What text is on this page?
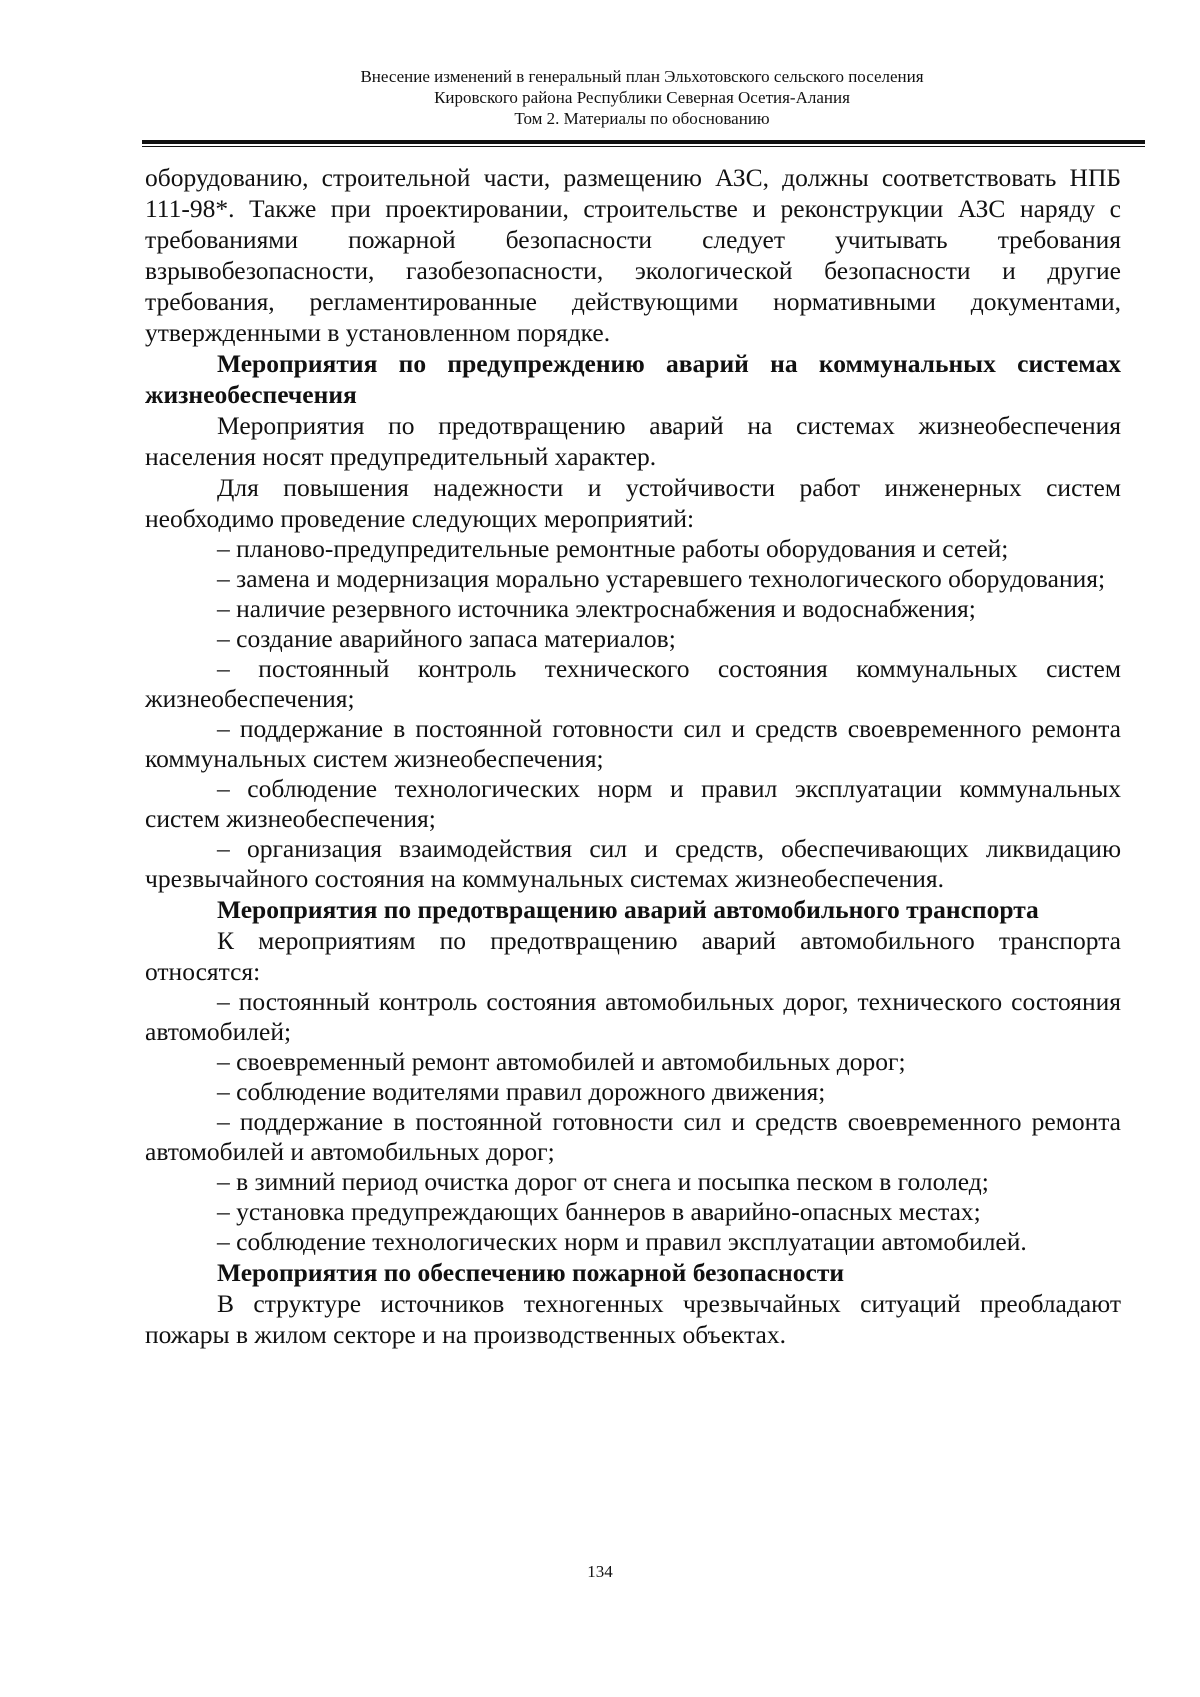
Внесение изменений в генеральный план Эльхотовского сельского поселения
Кировского района Республики Северная Осетия-Алания
Том 2. Материалы по обоснованию

оборудованию, строительной части, размещению АЗС, должны соответствовать НПБ 111-98*. Также при проектировании, строительстве и реконструкции АЗС наряду с требованиями пожарной безопасности следует учитывать требования взрывобезопасности, газобезопасности, экологической безопасности и другие требования, регламентированные действующими нормативными документами, утвержденными в установленном порядке.

Мероприятия по предупреждению аварий на коммунальных системах жизнеобеспечения

Мероприятия по предотвращению аварий на системах жизнеобеспечения населения носят предупредительный характер.

Для повышения надежности и устойчивости работ инженерных систем необходимо проведение следующих мероприятий:

– планово-предупредительные ремонтные работы оборудования и сетей;

– замена и модернизация морально устаревшего технологического оборудования;

– наличие резервного источника электроснабжения и водоснабжения;

– создание аварийного запаса материалов;

– постоянный контроль технического состояния коммунальных систем жизнеобеспечения;

– поддержание в постоянной готовности сил и средств своевременного ремонта коммунальных систем жизнеобеспечения;

– соблюдение технологических норм и правил эксплуатации коммунальных систем жизнеобеспечения;

– организация взаимодействия сил и средств, обеспечивающих ликвидацию чрезвычайного состояния на коммунальных системах жизнеобеспечения.

Мероприятия по предотвращению аварий автомобильного транспорта

К мероприятиям по предотвращению аварий автомобильного транспорта относятся:

– постоянный контроль состояния автомобильных дорог, технического состояния автомобилей;

– своевременный ремонт автомобилей и автомобильных дорог;

– соблюдение водителями правил дорожного движения;

– поддержание в постоянной готовности сил и средств своевременного ремонта автомобилей и автомобильных дорог;

– в зимний период очистка дорог от снега и посыпка песком в гололед;

– установка предупреждающих баннеров в аварийно-опасных местах;

– соблюдение технологических норм и правил эксплуатации автомобилей.

Мероприятия по обеспечению пожарной безопасности

В структуре источников техногенных чрезвычайных ситуаций преобладают пожары в жилом секторе и на производственных объектах.

134
